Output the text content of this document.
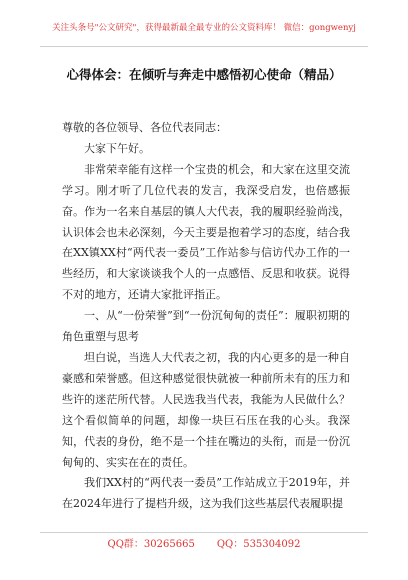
关注头条号"公文研究"，获得最新最全最专业的公文资料库！ 微信：gongwenyj
心得体会：在倾听与奔走中感悟初心使命（精品）

尊敬的各位领导、各位代表同志：

大家下午好。

非常荣幸能有这样一个宝贵的机会，和大家在这里交流学习。刚才听了几位代表的发言，我深受启发，也倍感振奋。作为一名来自基层的镇人大代表，我的履职经验尚浅，认识体会也未必深刻，今天主要是抱着学习的态度，结合我在XX镇XX村“两代表一委员”工作站参与信访代办工作的一些经历，和大家谈谈我个人的一点感悟、反思和收获。说得不对的地方，还请大家批评指正。

一、从“一份荣誉”到“一份沉甸甸的责任”：履职初期的角色重塑与思考

坦白说，当选人大代表之初，我的内心更多的是一种自豪感和荣誉感。但这种感觉很快就被一种前所未有的压力和些许的迷茫所代替。人民选我当代表，我能为人民做什么？这个看似简单的问题，却像一块巨石压在我的心头。我深知，代表的身份，绝不是一个挂在嘴边的头衔，而是一份沉甸甸的、实实在在的责任。

我们XX村的“两代表一委员”工作站成立于2019年，并在2024年进行了提档升级，这为我们这些基层代表履职提

QQ群：30265665 QQ：535304092
